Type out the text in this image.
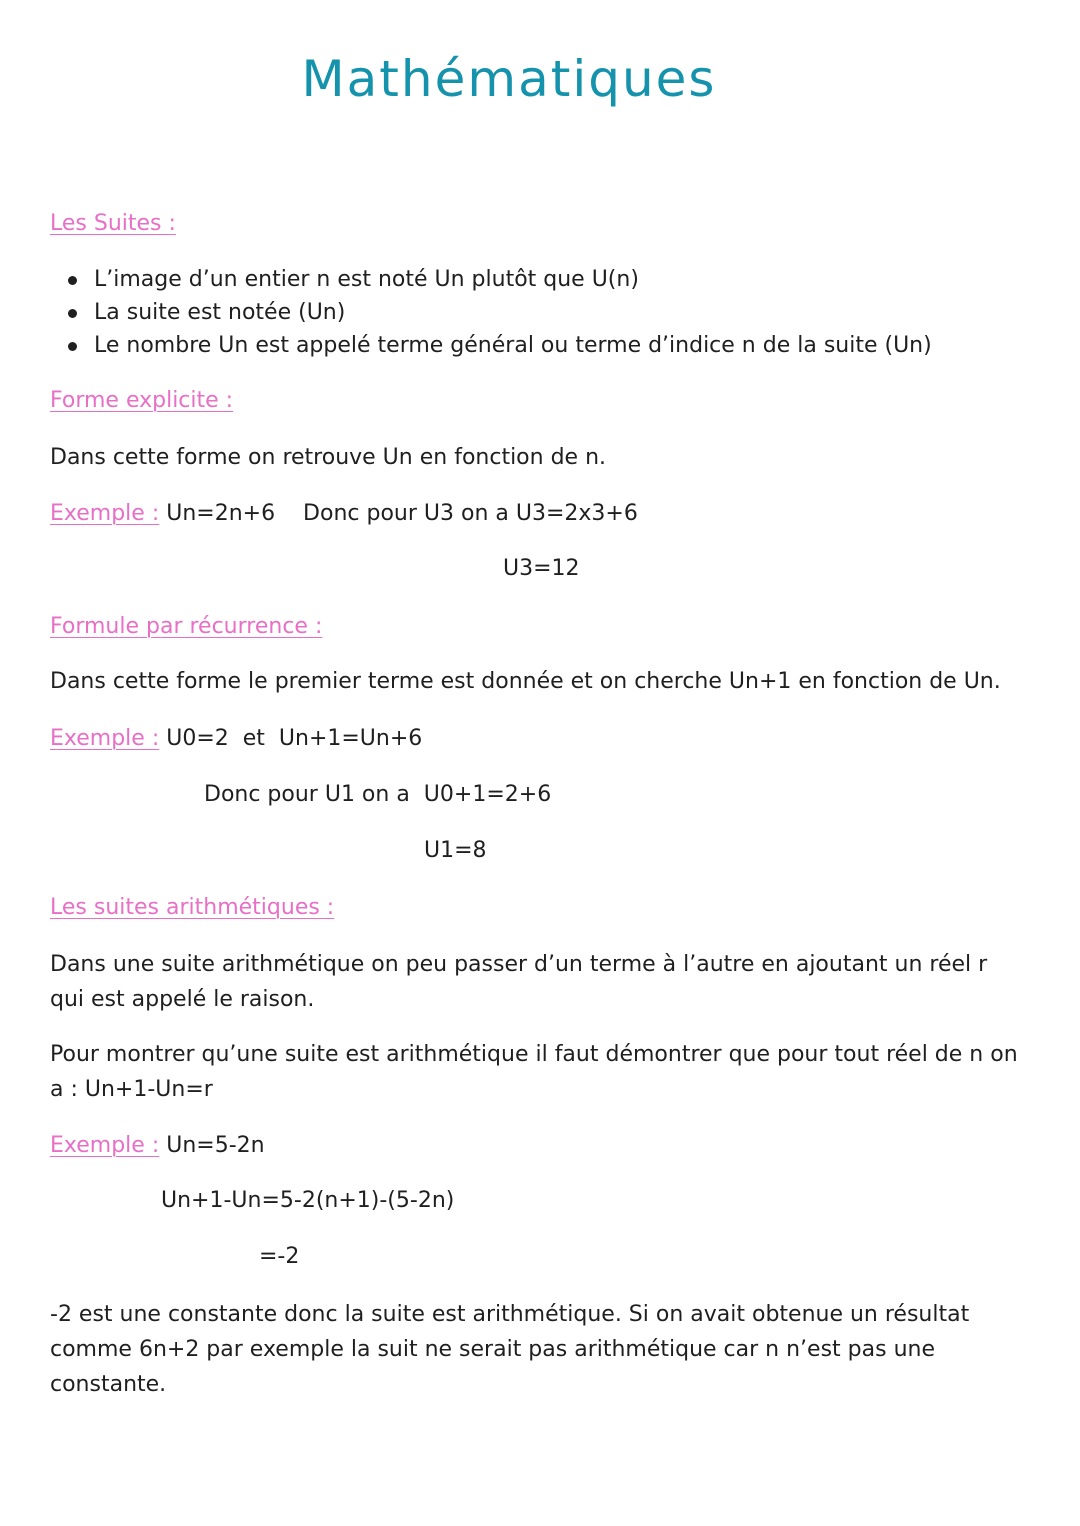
Mathématiques
Les Suites :
L’image d’un entier n est noté Un plutôt que U(n)
La suite est notée (Un)
Le nombre Un est appelé terme général ou terme d’indice n de la suite (Un)
Forme explicite :
Dans cette forme on retrouve Un en fonction de n.
Exemple : Un=2n+6    Donc pour U3 on a U3=2x3+6
U3=12
Formule par récurrence :
Dans cette forme le premier terme est donnée et on cherche Un+1 en fonction de Un.
Exemple : U0=2  et  Un+1=Un+6
Donc pour U1 on a  U0+1=2+6
U1=8
Les suites arithmétiques :
Dans une suite arithmétique on peu passer d’un terme à l’autre en ajoutant un réel r qui est appelé le raison.
Pour montrer qu’une suite est arithmétique il faut démontrer que pour tout réel de n on a : Un+1-Un=r
Exemple : Un=5-2n
Un+1-Un=5-2(n+1)-(5-2n)
=-2
-2 est une constante donc la suite est arithmétique. Si on avait obtenue un résultat comme 6n+2 par exemple la suit ne serait pas arithmétique car n n’est pas une constante.
